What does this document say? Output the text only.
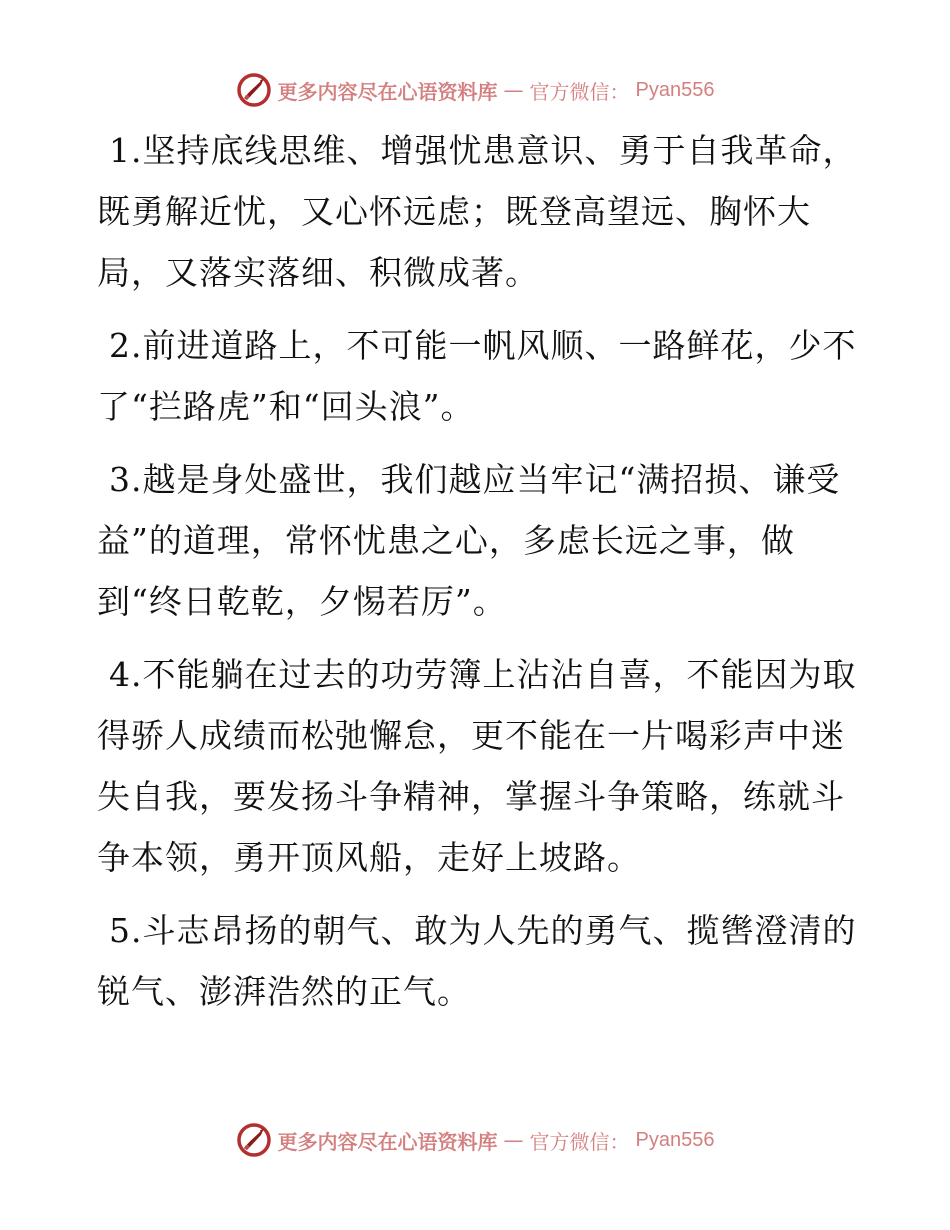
更多内容尽在心语资料库 — 官方微信： Pyan556

1.坚持底线思维、增强忧患意识、勇于自我革命，既勇解近忧，又心怀远虑；既登高望远、胸怀大局，又落实落细、积微成著。

2.前进道路上，不可能一帆风顺、一路鲜花，少不了“拦路虎”和“回头浪”。

3.越是身处盛世，我们越应当牢记“满招损、谦受益”的道理，常怀忧患之心，多虑长远之事，做到“终日乾乾，夕惕若厉”。

4.不能躺在过去的功劳簿上沾沾自喜，不能因为取得骄人成绩而松弛懈怠，更不能在一片喝彩声中迷失自我，要发扬斗争精神，掌握斗争策略，练就斗争本领，勇开顶风船，走好上坡路。

5.斗志昂扬的朝气、敢为人先的勇气、揽辔澄清的锐气、澎湃浩然的正气。

更多内容尽在心语资料库 — 官方微信： Pyan556
